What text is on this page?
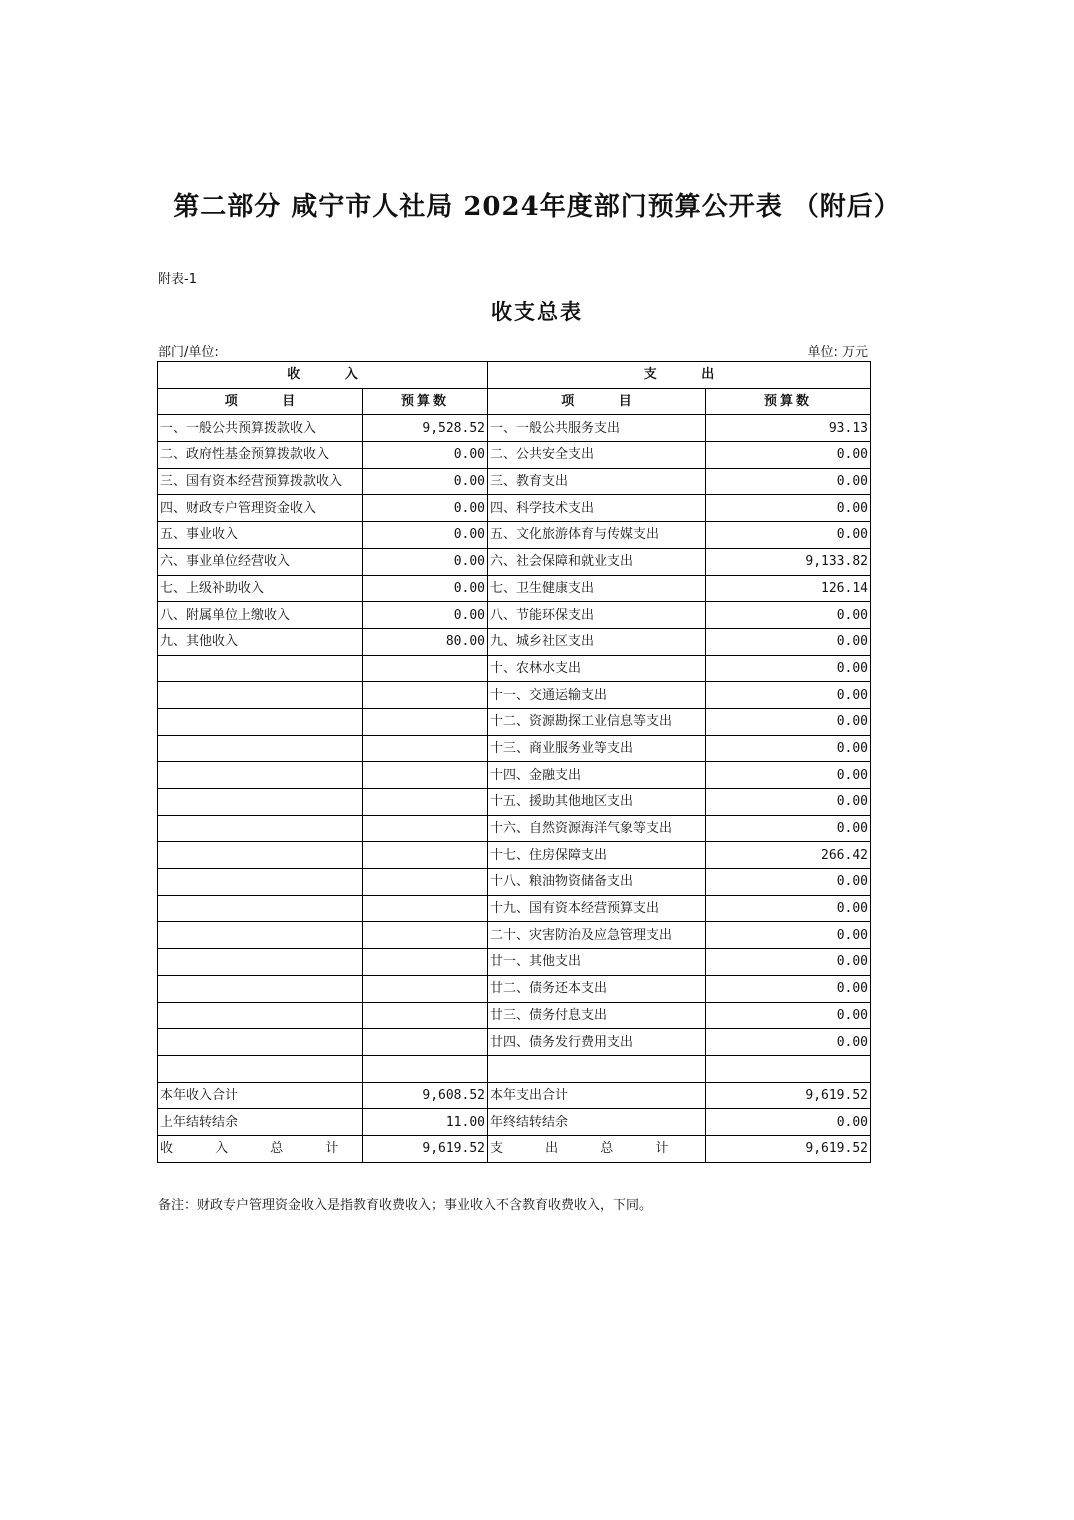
第二部分 咸宁市人社局 2024年度部门预算公开表 （附后）
附表-1
收支总表
部门/单位:	单位: 万元
收 入		支 出	
项 目	预算数	项 目	预算数
一、一般公共预算拨款收入	9,528.52	一、一般公共服务支出	93.13
二、政府性基金预算拨款收入	0.00	二、公共安全支出	0.00
三、国有资本经营预算拨款收入	0.00	三、教育支出	0.00
四、财政专户管理资金收入	0.00	四、科学技术支出	0.00
五、事业收入	0.00	五、文化旅游体育与传媒支出	0.00
六、事业单位经营收入	0.00	六、社会保障和就业支出	9,133.82
七、上级补助收入	0.00	七、卫生健康支出	126.14
八、附属单位上缴收入	0.00	八、节能环保支出	0.00
九、其他收入	80.00	九、城乡社区支出	0.00
		十、农林水支出	0.00
		十一、交通运输支出	0.00
		十二、资源勘探工业信息等支出	0.00
		十三、商业服务业等支出	0.00
		十四、金融支出	0.00
		十五、援助其他地区支出	0.00
		十六、自然资源海洋气象等支出	0.00
		十七、住房保障支出	266.42
		十八、粮油物资储备支出	0.00
		十九、国有资本经营预算支出	0.00
		二十、灾害防治及应急管理支出	0.00
		廿一、其他支出	0.00
		廿二、债务还本支出	0.00
		廿三、债务付息支出	0.00
		廿四、债务发行费用支出	0.00

本年收入合计	9,608.52	本年支出合计	9,619.52
上年结转结余	11.00	年终结转结余	0.00
收 入 总 计	9,619.52	支 出 总 计	9,619.52
备注：财政专户管理资金收入是指教育收费收入；事业收入不含教育收费收入，下同。
